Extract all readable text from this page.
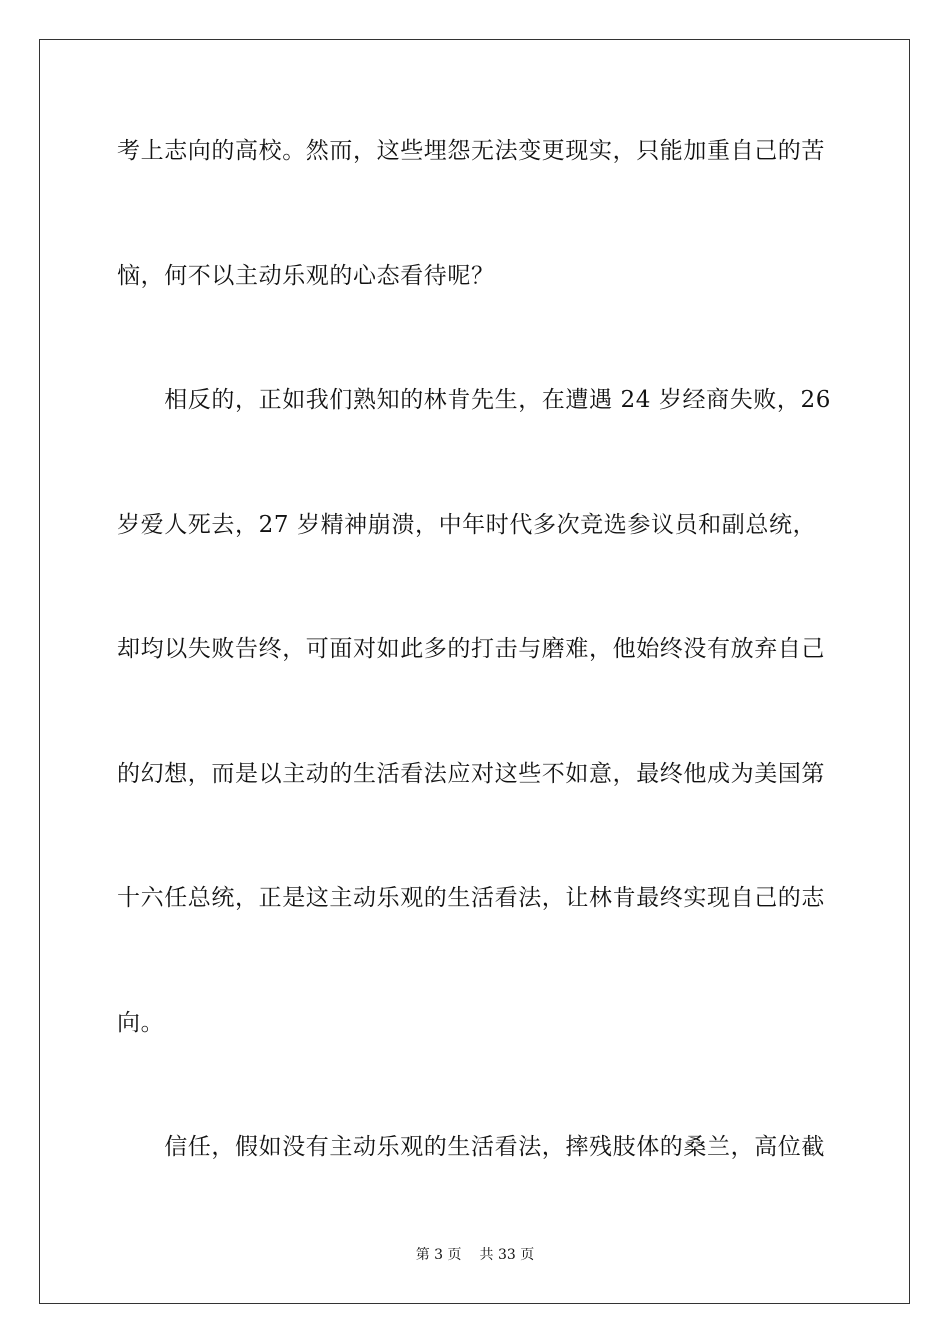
考上志向的高校。然而，这些埋怨无法变更现实，只能加重自己的苦
恼，何不以主动乐观的心态看待呢？
　　相反的，正如我们熟知的林肯先生，在遭遇 24 岁经商失败，26
岁爱人死去，27 岁精神崩溃，中年时代多次竞选参议员和副总统，
却均以失败告终，可面对如此多的打击与磨难，他始终没有放弃自己
的幻想，而是以主动的生活看法应对这些不如意，最终他成为美国第
十六任总统，正是这主动乐观的生活看法，让林肯最终实现自己的志
向。
　　信任，假如没有主动乐观的生活看法，摔残肢体的桑兰，高位截
第 3 页 共 33 页
